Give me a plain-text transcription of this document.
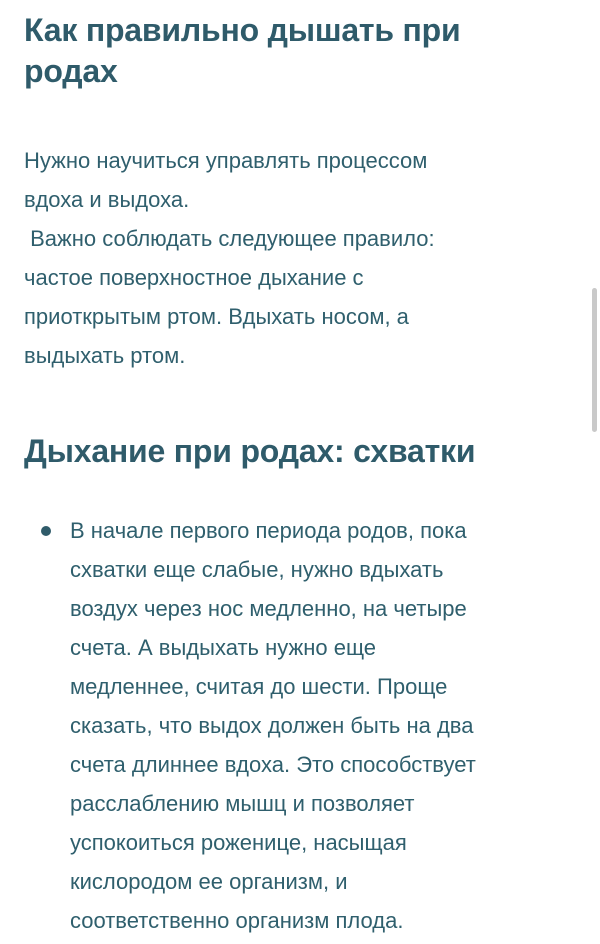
Как правильно дышать при
родах

Нужно научиться управлять процессом
вдоха и выдоха.
Важно соблюдать следующее правило:
частое поверхностное дыхание с
приоткрытым ртом. Вдыхать носом, а
выдыхать ртом.

Дыхание при родах: схватки
В начале первого периода родов, пока
схватки еще слабые, нужно вдыхать
воздух через нос медленно, на четыре
счета. А выдыхать нужно еще
медленнее, считая до шести. Проще
сказать, что выдох должен быть на два
счета длиннее вдоха. Это способствует
расслаблению мышц и позволяет
успокоиться роженице, насыщая
кислородом ее организм, и
соответственно организм плода.
